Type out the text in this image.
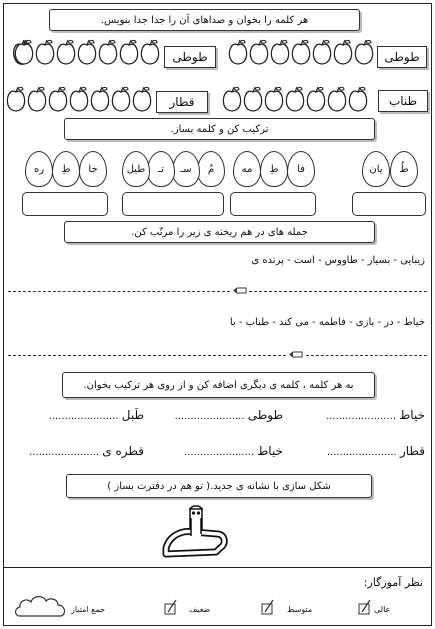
هر کلمه را بخوان و صداهای آن را جدا جدا بنویس.
طوطی	طوطی
قطار	طناب
ترکیب کن و کلمه بساز.
طُ
یان
فا
طِ
مه
مُ
سـ
تـ
طیل
خا
طِ
ره
جمله های در هم ریخته ی زیر را مرتّب کن.
زیبایی - بسیار - طاووس - است - پرنده ی
خیاط - در - بازی - فاطمه - می کند - طناب - با
به هر کلمه ، کلمه ی دیگری اضافه کن و از روی هر ترکیب بخوان.
خیاط ......................
طوطی ......................
طَبل ......................
قطار ......................
خیاط ......................
قطره ی ......................
شکل سازی با نشانه ی جدید.( تو هم در دفترت بساز )
نظر آموزگار:
عالی
متوسط
ضعیف
جمع امتیاز
